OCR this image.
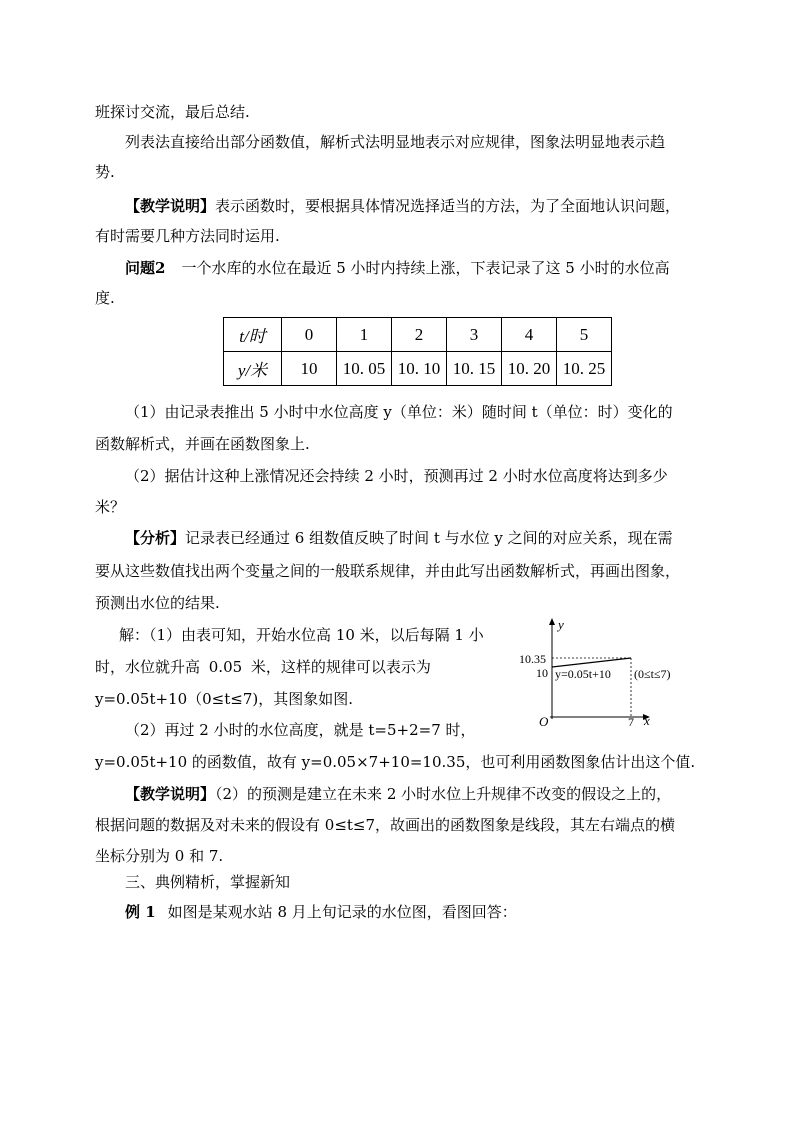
班探讨交流，最后总结.
列表法直接给出部分函数值，解析式法明显地表示对应规律，图象法明显地表示趋
势.
【教学说明】表示函数时，要根据具体情况选择适当的方法，为了全面地认识问题，
有时需要几种方法同时运用.
问题2 一个水库的水位在最近 5 小时内持续上涨，下表记录了这 5 小时的水位高
度.
t/时	0	1	2	3	4	5
y/米	10	10. 05	10. 10	10. 15	10. 20	10. 25
（1）由记录表推出 5 小时中水位高度 y（单位：米）随时间 t（单位：时）变化的
函数解析式，并画在函数图象上.
（2）据估计这种上涨情况还会持续 2 小时，预测再过 2 小时水位高度将达到多少
米？
【分析】记录表已经通过 6 组数值反映了时间 t 与水位 y 之间的对应关系，现在需
要从这些数值找出两个变量之间的一般联系规律，并由此写出函数解析式，再画出图象，
预测出水位的结果.
解：（1）由表可知，开始水位高 10 米，以后每隔 1 小
时，水位就升高 0.05 米，这样的规律可以表示为
y=0.05t+10（0≤t≤7)，其图象如图.
（2）再过 2 小时的水位高度，就是 t=5+2=7 时，
y=0.05t+10 的函数值，故有 y=0.05×7+10=10.35，也可利用函数图象估计出这个值.
y
x
O	7
10.35
10 y=0.05t+10 (0≤t≤7)
【教学说明】（2）的预测是建立在未来 2 小时水位上升规律不改变的假设之上的，
根据问题的数据及对未来的假设有 0≤t≤7，故画出的函数图象是线段，其左右端点的横
坐标分别为 0 和 7.
三、典例精析，掌握新知
例 1 如图是某观水站 8 月上旬记录的水位图，看图回答：
